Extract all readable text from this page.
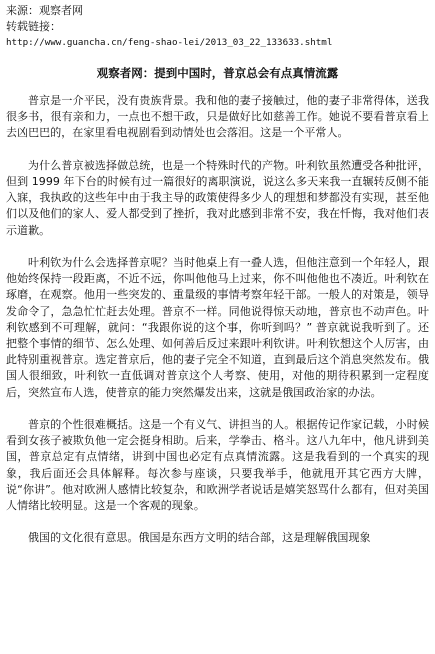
来源：观察者网
转载链接：
http://www.guancha.cn/feng-shao-lei/2013_03_22_133633.shtml
观察者网：提到中国时，普京总会有点真情流露

普京是一介平民，没有贵族背景。我和他的妻子接触过，他的妻子非常得体，送我很多书，很有亲和力，一点也不想干政，只是做好比如慈善工作。她说不要看普京看上去凶巴巴的，在家里看电视剧看到动情处也会落泪。这是一个平常人。

为什么普京被选择做总统，也是一个特殊时代的产物。叶利钦虽然遭受各种批评，但到 1999 年下台的时候有过一篇很好的离职演说，说这么多天来我一直辗转反侧不能入寐，我执政的这些年中由于我主导的政策使得多少人的理想和梦都没有实现，甚至他们以及他们的家人、爱人都受到了挫折，我对此感到非常不安，我在忏悔，我对他们表示道歉。

叶利钦为什么会选择普京呢？当时他桌上有一叠人选，但他注意到一个年轻人，跟他始终保持一段距离，不近不远，你叫他他马上过来，你不叫他他也不凑近。叶利钦在琢磨，在观察。他用一些突发的、重量级的事情考察年轻干部。一般人的对策是，领导发命令了，急急忙忙赶去处理。普京不一样。同他说得惊天动地，普京也不动声色。叶利钦感到不可理解，就问：“我跟你说的这个事，你听到吗？” 普京就说我听到了。还把整个事情的细节、怎么处理、如何善后反过来跟叶利钦讲。叶利钦想这个人厉害，由此特别重视普京。选定普京后，他的妻子完全不知道，直到最后这个消息突然发布。俄国人很细致，叶利钦一直低调对普京这个人考察、使用，对他的期待积累到一定程度后，突然宣布人选，使普京的能力突然爆发出来，这就是俄国政治家的办法。

普京的个性很难概括。这是一个有义气、讲担当的人。根据传记作家记载，小时候看到女孩子被欺负他一定会挺身相助。后来，学拳击、格斗。这八九年中，他凡讲到美国，普京总定有点情绪，讲到中国也必定有点真情流露。这是我看到的一个真实的现象，我后面还会具体解释。每次参与座谈，只要我举手，他就甩开其它西方大牌，说“你讲”。他对欧洲人感情比较复杂，和欧洲学者说话是嬉笑怒骂什么都有，但对美国人情绪比较明显。这是一个客观的现象。

俄国的文化很有意思。俄国是东西方文明的结合部，这是理解俄国现象
